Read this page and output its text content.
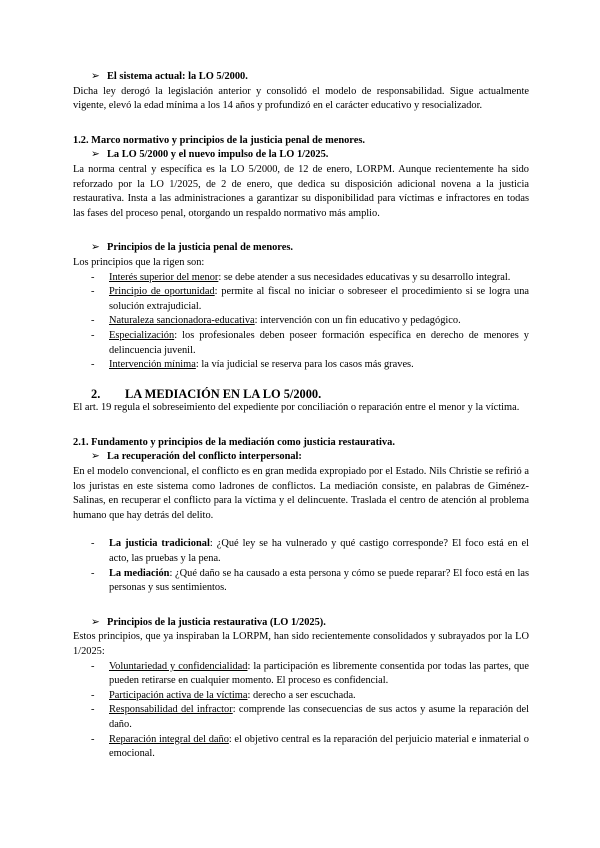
➢ El sistema actual: la LO 5/2000.

Dicha ley derogó la legislación anterior y consolidó el modelo de responsabilidad. Sigue actualmente vigente, elevó la edad mínima a los 14 años y profundizó en el carácter educativo y resocializador.

1.2. Marco normativo y principios de la justicia penal de menores.
➢ La LO 5/2000 y el nuevo impulso de la LO 1/2025.

La norma central y específica es la LO 5/2000, de 12 de enero, LORPM. Aunque recientemente ha sido reforzado por la LO 1/2025, de 2 de enero, que dedica su disposición adicional novena a la justicia restaurativa. Insta a las administraciones a garantizar su disponibilidad para víctimas e infractores en todas las fases del proceso penal, otorgando un respaldo normativo más amplio.

➢ Principios de la justicia penal de menores.

Los principios que la rigen son:

- Interés superior del menor: se debe atender a sus necesidades educativas y su desarrollo integral.
- Principio de oportunidad: permite al fiscal no iniciar o sobreseer el procedimiento si se logra una solución extrajudicial.
- Naturaleza sancionadora-educativa: intervención con un fin educativo y pedagógico.
- Especialización: los profesionales deben poseer formación específica en derecho de menores y delincuencia juvenil.
- Intervención mínima: la vía judicial se reserva para los casos más graves.
2. LA MEDIACIÓN EN LA LO 5/2000.

El art. 19 regula el sobreseimiento del expediente por conciliación o reparación entre el menor y la víctima.

2.1. Fundamento y principios de la mediación como justicia restaurativa.
➢ La recuperación del conflicto interpersonal:

En el modelo convencional, el conflicto es en gran medida expropiado por el Estado. Nils Christie se refirió a los juristas en este sistema como ladrones de conflictos. La mediación consiste, en palabras de Giménez-Salinas, en recuperar el conflicto para la víctima y el delincuente. Traslada el centro de atención al problema humano que hay detrás del delito.

- La justicia tradicional: ¿Qué ley se ha vulnerado y qué castigo corresponde? El foco está en el acto, las pruebas y la pena.
- La mediación: ¿Qué daño se ha causado a esta persona y cómo se puede reparar? El foco está en las personas y sus sentimientos.
➢ Principios de la justicia restaurativa (LO 1/2025).

Estos principios, que ya inspiraban la LORPM, han sido recientemente consolidados y subrayados por la LO 1/2025:

- Voluntariedad y confidencialidad: la participación es libremente consentida por todas las partes, que pueden retirarse en cualquier momento. El proceso es confidencial.
- Participación activa de la víctima: derecho a ser escuchada.
- Responsabilidad del infractor: comprende las consecuencias de sus actos y asume la reparación del daño.
- Reparación integral del daño: el objetivo central es la reparación del perjuicio material e inmaterial o emocional.
